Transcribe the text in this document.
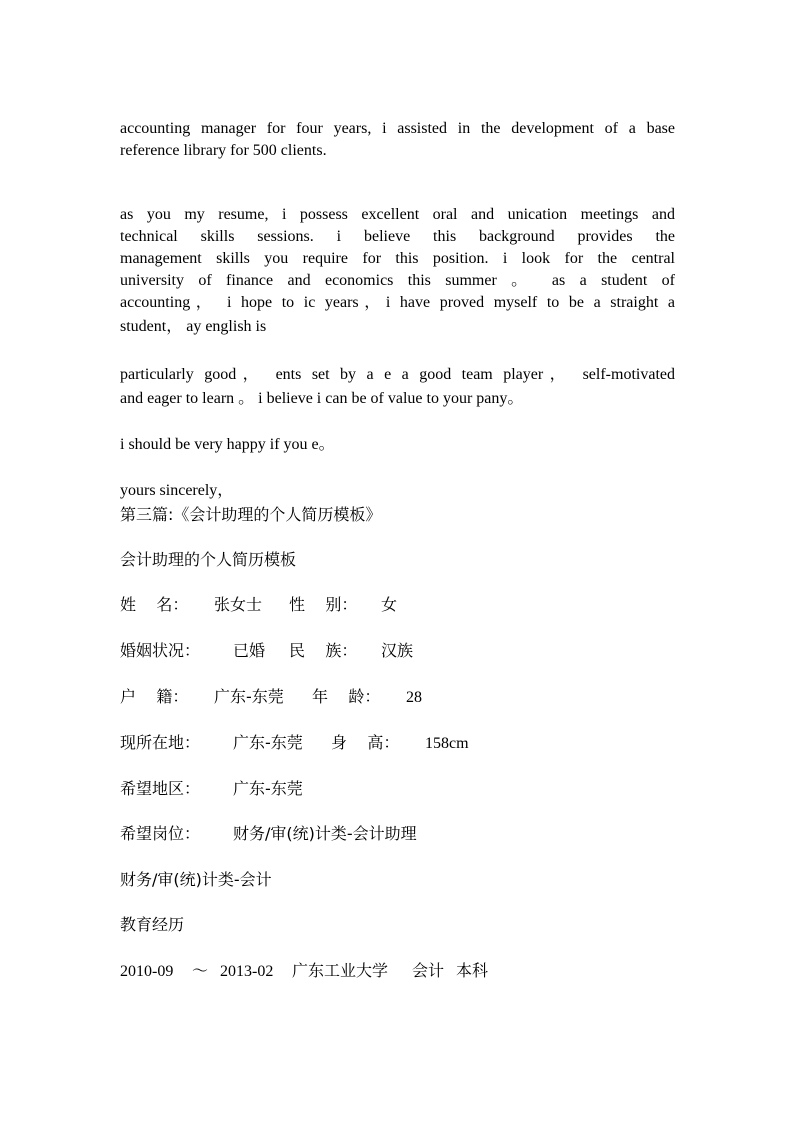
accounting manager for four years, i assisted in the development of a base
reference library for 500 clients.
as you my resume, i possess excellent oral and unication meetings and
technical skills sessions. i believe this background provides the
management skills you require for this position. i look for the central
university of finance and economics this summer 。 as a student of
accounting， i hope to ic years，i have proved myself to be a straight a
student， ay english is
particularly good， ents set by a e a good team player， self-motivated
and eager to learn 。 i believe i can be of value to your pany。
i should be very happy if you e。
yours sincerely，
第三篇:《会计助理的个人简历模板》
会计助理的个人简历模板
姓    名： 张女士 性    别： 女
婚姻状况： 已婚 民    族： 汉族
户    籍： 广东-东莞 年    龄： 28
现所在地： 广东-东莞 身    高： 158cm
希望地区： 广东-东莞
希望岗位： 财务/审(统)计类-会计助理
财务/审(统)计类-会计
教育经历
2010-09 ～ 2013-02 广东工业大学 会计 本科
